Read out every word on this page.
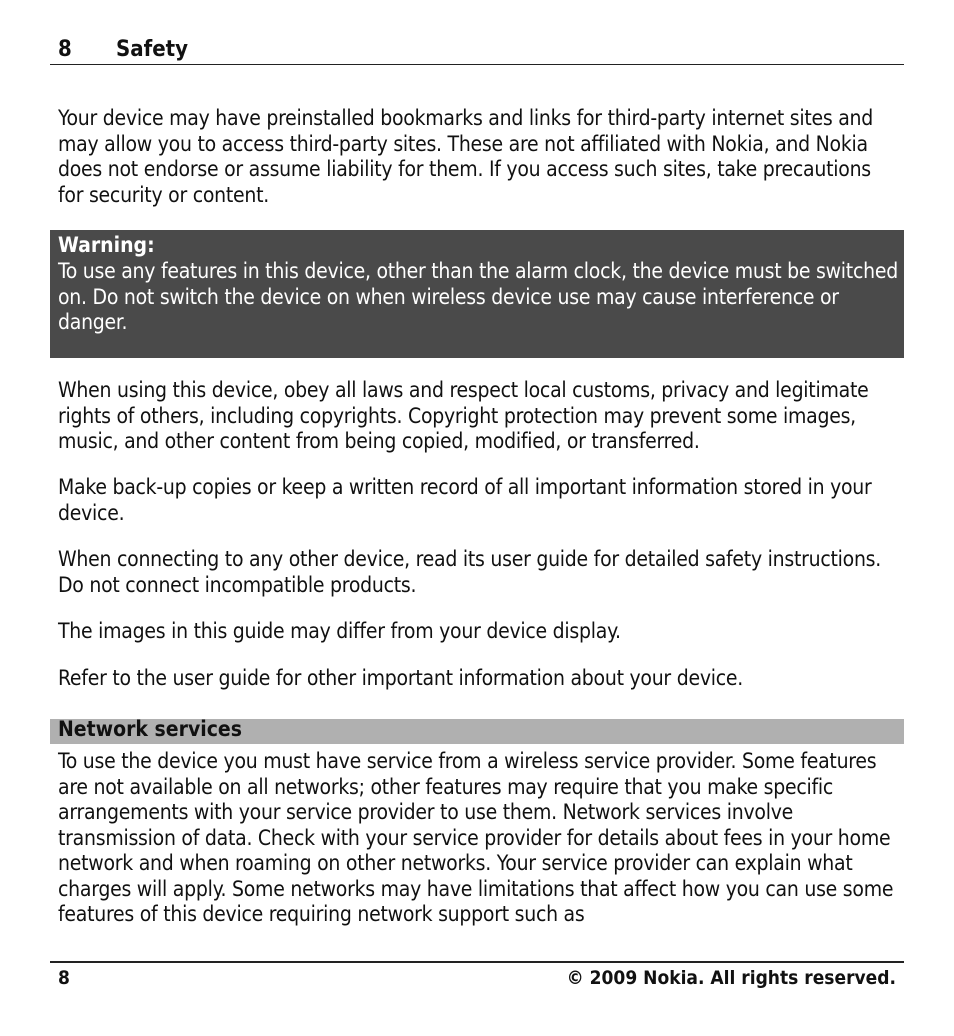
8 Safety
Your device may have preinstalled bookmarks and links for third-party internet sites and may allow you to access third-party sites. These are not affiliated with Nokia, and Nokia does not endorse or assume liability for them. If you access such sites, take precautions for security or content.
Warning:
To use any features in this device, other than the alarm clock, the device must be switched on. Do not switch the device on when wireless device use may cause interference or danger.
When using this device, obey all laws and respect local customs, privacy and legitimate rights of others, including copyrights. Copyright protection may prevent some images, music, and other content from being copied, modified, or transferred.
Make back-up copies or keep a written record of all important information stored in your device.
When connecting to any other device, read its user guide for detailed safety instructions. Do not connect incompatible products.
The images in this guide may differ from your device display.
Refer to the user guide for other important information about your device.
Network services
To use the device you must have service from a wireless service provider. Some features are not available on all networks; other features may require that you make specific arrangements with your service provider to use them. Network services involve transmission of data. Check with your service provider for details about fees in your home network and when roaming on other networks. Your service provider can explain what charges will apply. Some networks may have limitations that affect how you can use some features of this device requiring network support such as
8	© 2009 Nokia. All rights reserved.
